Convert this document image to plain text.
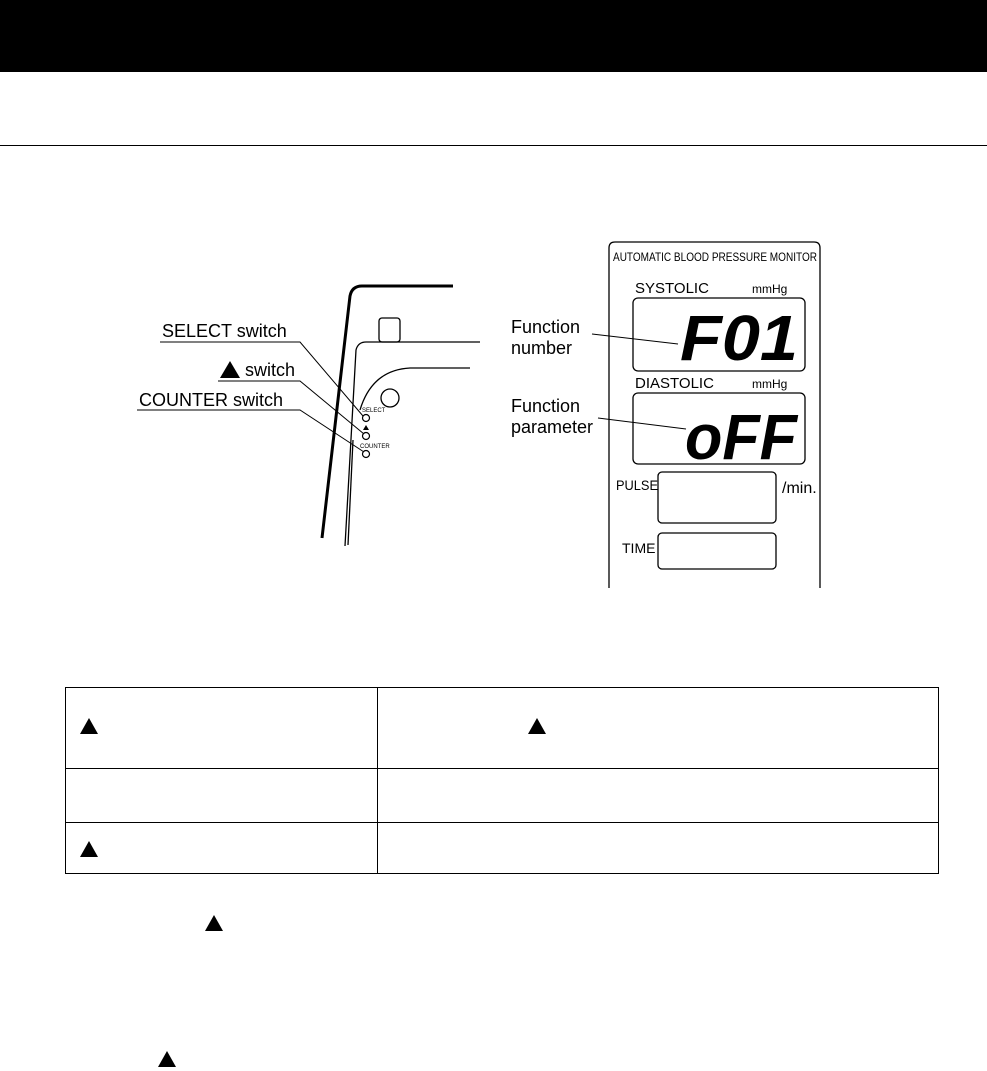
SELECT
COUNTER
SELECT switch
switch
COUNTER switch
AUTOMATIC BLOOD PRESSURE MONITOR
SYSTOLIC	mmHg
F01
DIASTOLIC	mmHg
oFF
PULSE	/min.
TIME
Function
number
Function
parameter
